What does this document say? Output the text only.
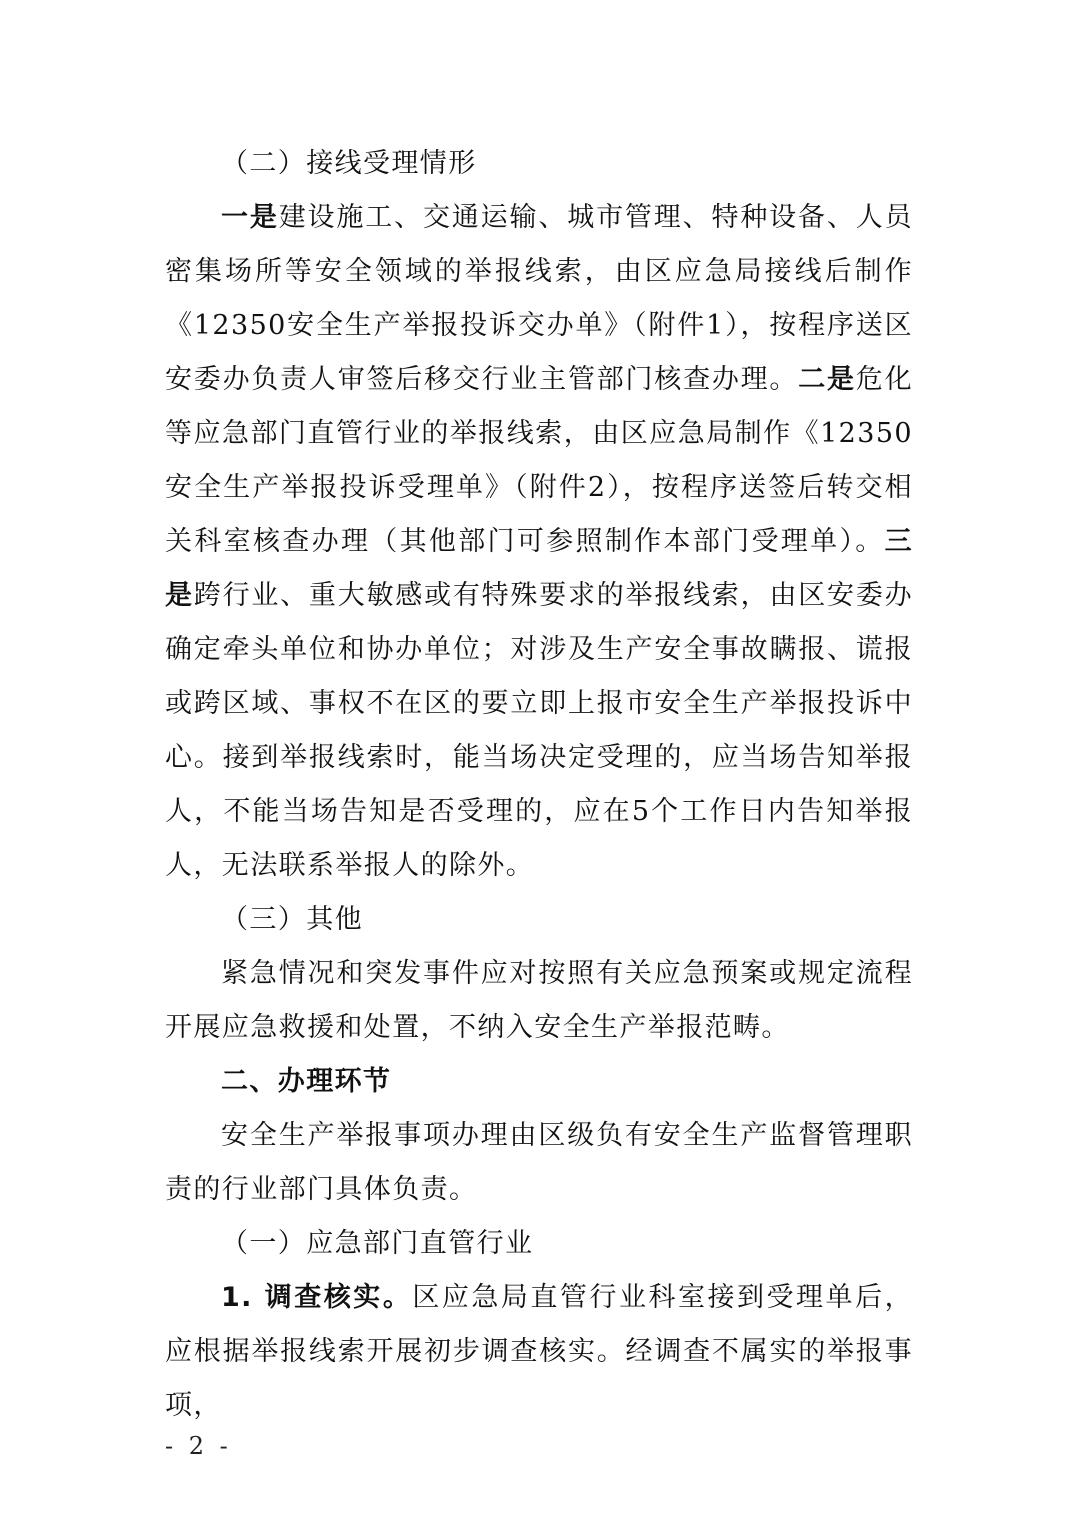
（二）接线受理情形

一是建设施工、交通运输、城市管理、特种设备、人员密集场所等安全领域的举报线索，由区应急局接线后制作《12350安全生产举报投诉交办单》（附件1），按程序送区安委办负责人审签后移交行业主管部门核查办理。二是危化等应急部门直管行业的举报线索，由区应急局制作《12350安全生产举报投诉受理单》（附件2），按程序送签后转交相关科室核查办理（其他部门可参照制作本部门受理单）。三是跨行业、重大敏感或有特殊要求的举报线索，由区安委办确定牵头单位和协办单位；对涉及生产安全事故瞒报、谎报或跨区域、事权不在区的要立即上报市安全生产举报投诉中心。接到举报线索时，能当场决定受理的，应当场告知举报人，不能当场告知是否受理的，应在5个工作日内告知举报人，无法联系举报人的除外。

（三）其他

紧急情况和突发事件应对按照有关应急预案或规定流程开展应急救援和处置，不纳入安全生产举报范畴。

二、办理环节

安全生产举报事项办理由区级负有安全生产监督管理职责的行业部门具体负责。

（一）应急部门直管行业

1. 调查核实。区应急局直管行业科室接到受理单后，应根据举报线索开展初步调查核实。经调查不属实的举报事项，

- 2 -
